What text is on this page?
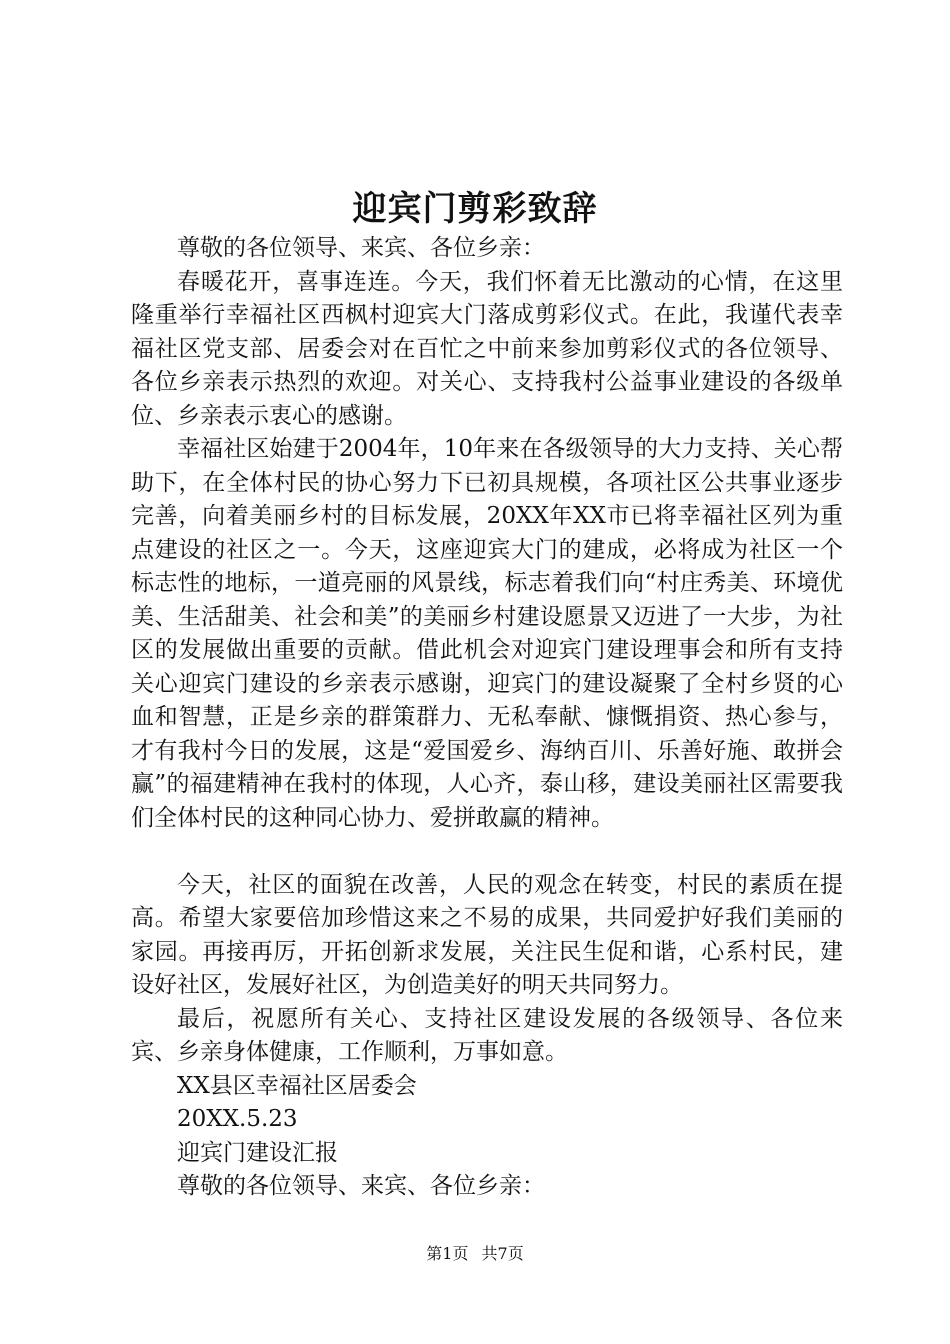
迎宾门剪彩致辞
尊敬的各位领导、来宾、各位乡亲：

春暖花开，喜事连连。今天，我们怀着无比激动的心情，在这里隆重举行幸福社区西枫村迎宾大门落成剪彩仪式。在此，我谨代表幸福社区党支部、居委会对在百忙之中前来参加剪彩仪式的各位领导、各位乡亲表示热烈的欢迎。对关心、支持我村公益事业建设的各级单位、乡亲表示衷心的感谢。

幸福社区始建于2004年，10年来在各级领导的大力支持、关心帮助下，在全体村民的协心努力下已初具规模，各项社区公共事业逐步完善，向着美丽乡村的目标发展，20XX年XX市已将幸福社区列为重点建设的社区之一。今天，这座迎宾大门的建成，必将成为社区一个标志性的地标，一道亮丽的风景线，标志着我们向“村庄秀美、环境优美、生活甜美、社会和美”的美丽乡村建设愿景又迈进了一大步，为社区的发展做出重要的贡献。借此机会对迎宾门建设理事会和所有支持关心迎宾门建设的乡亲表示感谢，迎宾门的建设凝聚了全村乡贤的心血和智慧，正是乡亲的群策群力、无私奉献、慷慨捐资、热心参与，才有我村今日的发展，这是“爱国爱乡、海纳百川、乐善好施、敢拼会赢”的福建精神在我村的体现，人心齐，泰山移，建设美丽社区需要我们全体村民的这种同心协力、爱拼敢赢的精神。

今天，社区的面貌在改善，人民的观念在转变，村民的素质在提高。希望大家要倍加珍惜这来之不易的成果，共同爱护好我们美丽的家园。再接再厉，开拓创新求发展，关注民生促和谐，心系村民，建设好社区，发展好社区，为创造美好的明天共同努力。

最后，祝愿所有关心、支持社区建设发展的各级领导、各位来宾、乡亲身体健康，工作顺利，万事如意。

XX县区幸福社区居委会
20XX.5.23
迎宾门建设汇报
尊敬的各位领导、来宾、各位乡亲：
第1页 共7页
